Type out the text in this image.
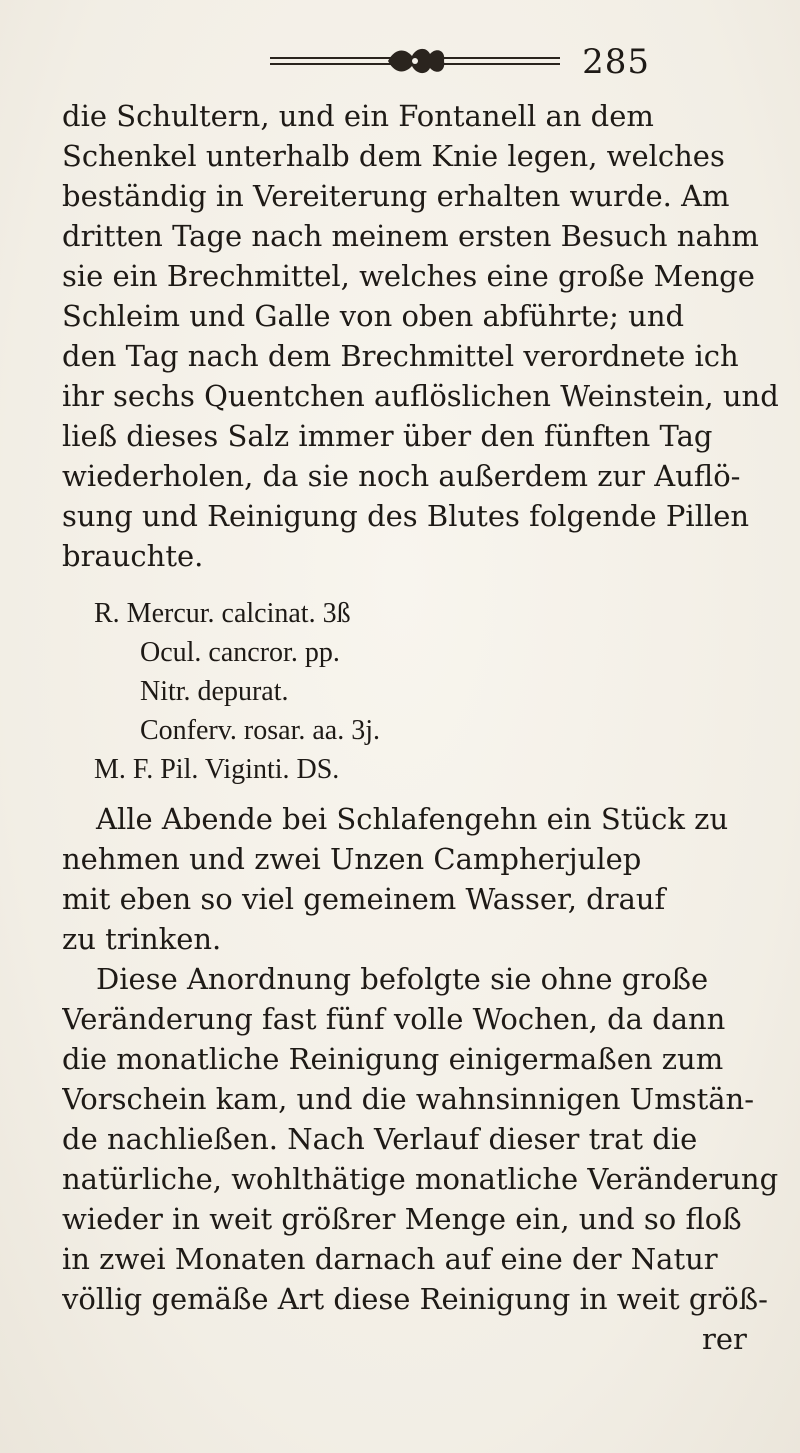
285
die Schultern, und ein Fontanell an dem
Schenkel unterhalb dem Knie legen, welches
beständig in Vereiterung erhalten wurde. Am
dritten Tage nach meinem ersten Besuch nahm
sie ein Brechmittel, welches eine große Menge
Schleim und Galle von oben abführte; und
den Tag nach dem Brechmittel verordnete ich
ihr sechs Quentchen auflöslichen Weinstein, und
ließ dieses Salz immer über den fünften Tag
wiederholen, da sie noch außerdem zur Auflö-
sung und Reinigung des Blutes folgende Pillen
brauchte.
R. Mercur. calcinat. 3ß
Ocul. cancror. pp.
Nitr. depurat.
Conferv. rosar. aa. 3j.
M. F. Pil. Viginti. DS.
Alle Abende bei Schlafengehn ein Stück zu
nehmen und zwei Unzen Campherjulep
mit eben so viel gemeinem Wasser, drauf
zu trinken.
Diese Anordnung befolgte sie ohne große
Veränderung fast fünf volle Wochen, da dann
die monatliche Reinigung einigermaßen zum
Vorschein kam, und die wahnsinnigen Umstän-
de nachließen. Nach Verlauf dieser trat die
natürliche, wohlthätige monatliche Veränderung
wieder in weit größrer Menge ein, und so floß
in zwei Monaten darnach auf eine der Natur
völlig gemäße Art diese Reinigung in weit größ-
rer
